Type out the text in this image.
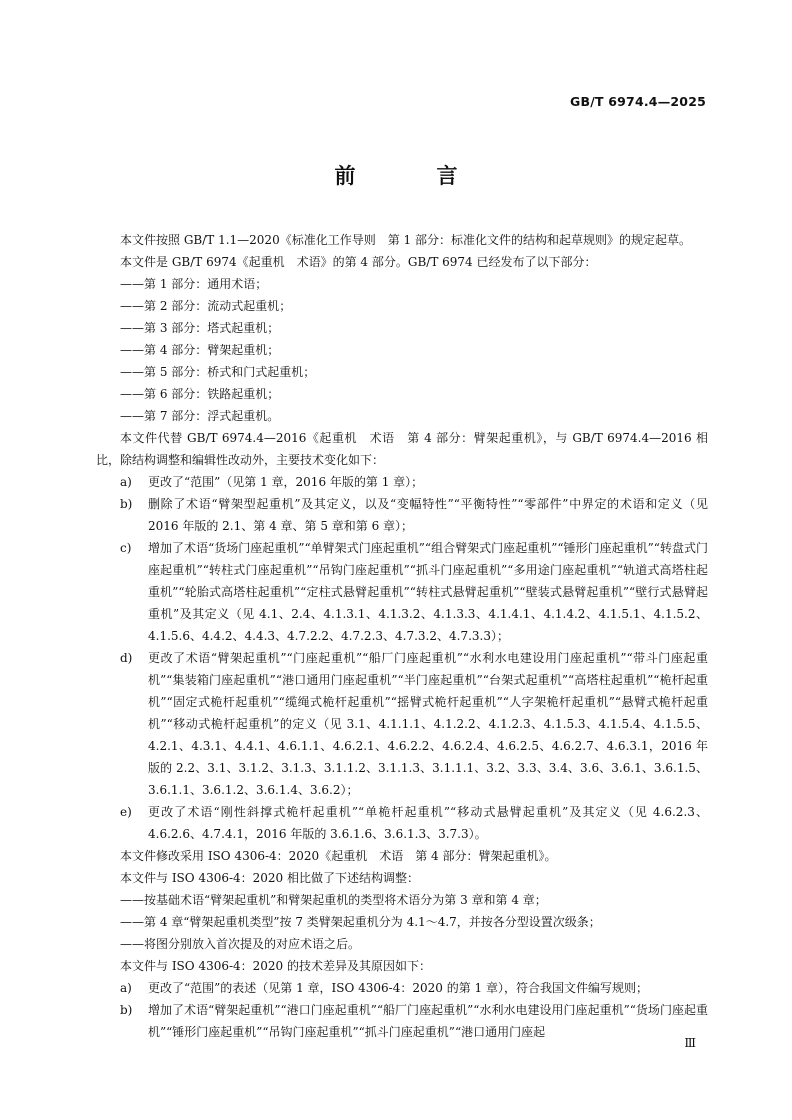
GB/T 6974.4—2025
前　言

本文件按照 GB/T 1.1—2020《标准化工作导则　第 1 部分：标准化文件的结构和起草规则》的规定起草。

本文件是 GB/T 6974《起重机　术语》的第 4 部分。GB/T 6974 已经发布了以下部分：

——第 1 部分：通用术语；

——第 2 部分：流动式起重机；

——第 3 部分：塔式起重机；

——第 4 部分：臂架起重机；

——第 5 部分：桥式和门式起重机；

——第 6 部分：铁路起重机；

——第 7 部分：浮式起重机。

本文件代替 GB/T 6974.4—2016《起重机　术语　第 4 部分：臂架起重机》，与 GB/T 6974.4—2016 相比，除结构调整和编辑性改动外，主要技术变化如下：

a)	更改了“范围”（见第 1 章，2016 年版的第 1 章）；
b)	删除了术语“臂架型起重机”及其定义，以及“变幅特性”“平衡特性”“零部件”中界定的术语和定义（见 2016 年版的 2.1、第 4 章、第 5 章和第 6 章）；
c)	增加了术语“货场门座起重机”“单臂架式门座起重机”“组合臂架式门座起重机”“锤形门座起重机”“转盘式门座起重机”“转柱式门座起重机”“吊钩门座起重机”“抓斗门座起重机”“多用途门座起重机”“轨道式高塔柱起重机”“轮胎式高塔柱起重机”“定柱式悬臂起重机”“转柱式悬臂起重机”“壁装式悬臂起重机”“壁行式悬臂起重机”及其定义（见 4.1、2.4、4.1.3.1、4.1.3.2、4.1.3.3、4.1.4.1、4.1.4.2、4.1.5.1、4.1.5.2、4.1.5.6、4.4.2、4.4.3、4.7.2.2、4.7.2.3、4.7.3.2、4.7.3.3）；
d)	更改了术语“臂架起重机”“门座起重机”“船厂门座起重机”“水利水电建设用门座起重机”“带斗门座起重机”“集装箱门座起重机”“港口通用门座起重机”“半门座起重机”“台架式起重机”“高塔柱起重机”“桅杆起重机”“固定式桅杆起重机”“缆绳式桅杆起重机”“摇臂式桅杆起重机”“人字架桅杆起重机”“悬臂式桅杆起重机”“移动式桅杆起重机”的定义（见 3.1、4.1.1.1、4.1.2.2、4.1.2.3、4.1.5.3、4.1.5.4、4.1.5.5、4.2.1、4.3.1、4.4.1、4.6.1.1、4.6.2.1、4.6.2.2、4.6.2.4、4.6.2.5、4.6.2.7、4.6.3.1，2016 年版的 2.2、3.1、3.1.2、3.1.3、3.1.1.2、3.1.1.3、3.1.1.1、3.2、3.3、3.4、3.6、3.6.1、3.6.1.5、3.6.1.1、3.6.1.2、3.6.1.4、3.6.2）；
e)	更改了术语“刚性斜撑式桅杆起重机”“单桅杆起重机”“移动式悬臂起重机”及其定义（见 4.6.2.3、4.6.2.6、4.7.4.1，2016 年版的 3.6.1.6、3.6.1.3、3.7.3）。

本文件修改采用 ISO 4306-4：2020《起重机　术语　第 4 部分：臂架起重机》。

本文件与 ISO 4306-4：2020 相比做了下述结构调整：

——按基础术语“臂架起重机”和臂架起重机的类型将术语分为第 3 章和第 4 章；

——第 4 章“臂架起重机类型”按 7 类臂架起重机分为 4.1～4.7，并按各分型设置次级条；

——将图分别放入首次提及的对应术语之后。

本文件与 ISO 4306-4：2020 的技术差异及其原因如下：

a)	更改了“范围”的表述（见第 1 章，ISO 4306-4：2020 的第 1 章），符合我国文件编写规则；
b)	增加了术语“臂架起重机”“港口门座起重机”“船厂门座起重机”“水利水电建设用门座起重机”“货场门座起重机”“锤形门座起重机”“吊钩门座起重机”“抓斗门座起重机”“港口通用门座起
Ⅲ
